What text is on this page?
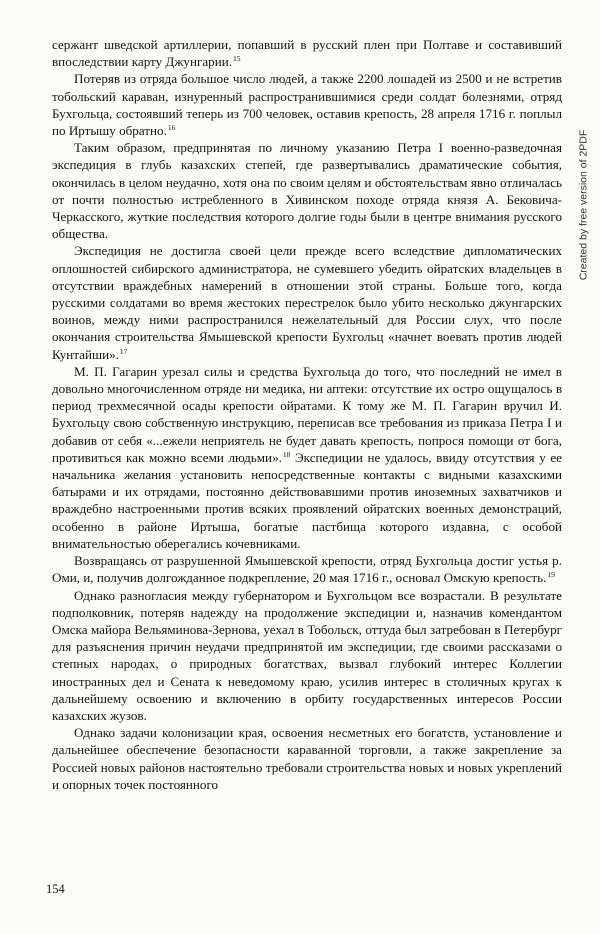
сержант шведской артиллерии, попавший в русский плен при Полтаве и составивший впоследствии карту Джунгарии.$^{15}$

Потеряв из отряда большое число людей, а также 2200 лошадей из 2500 и не встретив тобольский караван, изнуренный распространившимися среди солдат болезнями, отряд Бухгольца, состоявший теперь из 700 человек, оставив крепость, 28 апреля 1716 г. поплыл по Иртышу обратно.$^{16}$

Таким образом, предпринятая по личному указанию Петра I военно-разведочная экспедиция в глубь казахских степей, где развертывались драматические события, окончилась в целом неудачно, хотя она по своим целям и обстоятельствам явно отличалась от почти полностью истребленного в Хивинском походе отряда князя А. Бековича-Черкасского, жуткие последствия которого долгие годы были в центре внимания русского общества.

Экспедиция не достигла своей цели прежде всего вследствие дипломатических оплошностей сибирского администратора, не сумевшего убедить ойратских владельцев в отсутствии враждебных намерений в отношении этой страны. Больше того, когда русскими солдатами во время жестоких перестрелок было убито несколько джунгарских воинов, между ними распространился нежелательный для России слух, что после окончания строительства Ямышевской крепости Бухгольц «начнет воевать против людей Кунтайши».$^{17}$

М. П. Гагарин урезал силы и средства Бухгольца до того, что последний не имел в довольно многочисленном отряде ни медика, ни аптеки: отсутствие их остро ощущалось в период трехмесячной осады крепости ойратами. К тому же М. П. Гагарин вручил И. Бухгольцу свою собственную инструкцию, переписав все требования из приказа Петра I и добавив от себя «...ежели неприятель не будет давать крепость, попрося помощи от бога, противиться как можно всеми людьми».$^{18}$ Экспедиции не удалось, ввиду отсутствия у ее начальника желания установить непосредственные контакты с видными казахскими батырами и их отрядами, постоянно действовавшими против иноземных захватчиков и враждебно настроенными против всяких проявлений ойратских военных демонстраций, особенно в районе Иртыша, богатые пастбища которого издавна, с особой внимательностью оберегались кочевниками.

Возвращаясь от разрушенной Ямышевской крепости, отряд Бухгольца достиг устья р. Оми, и, получив долгожданное подкрепление, 20 мая 1716 г., основал Омскую крепость.$^{19}$

Однако разногласия между губернатором и Бухгольцом все возрастали. В результате подполковник, потеряв надежду на продолжение экспедиции и, назначив комендантом Омска майора Вельяминова-Зернова, уехал в Тобольск, оттуда был затребован в Петербург для разъяснения причин неудачи предпринятой им экспедиции, где своими рассказами о степных народах, о природных богатствах, вызвал глубокий интерес Коллегии иностранных дел и Сената к неведомому краю, усилив интерес в столичных кругах к дальнейшему освоению и включению в орбиту государственных интересов России казахских жузов.

Однако задачи колонизации края, освоения несметных его богатств, установление и дальнейшее обеспечение безопасности караванной торговли, а также закрепление за Россией новых районов настоятельно требовали строительства новых и новых укреплений и опорных точек постоянного

154
Created by free version of 2PDF
